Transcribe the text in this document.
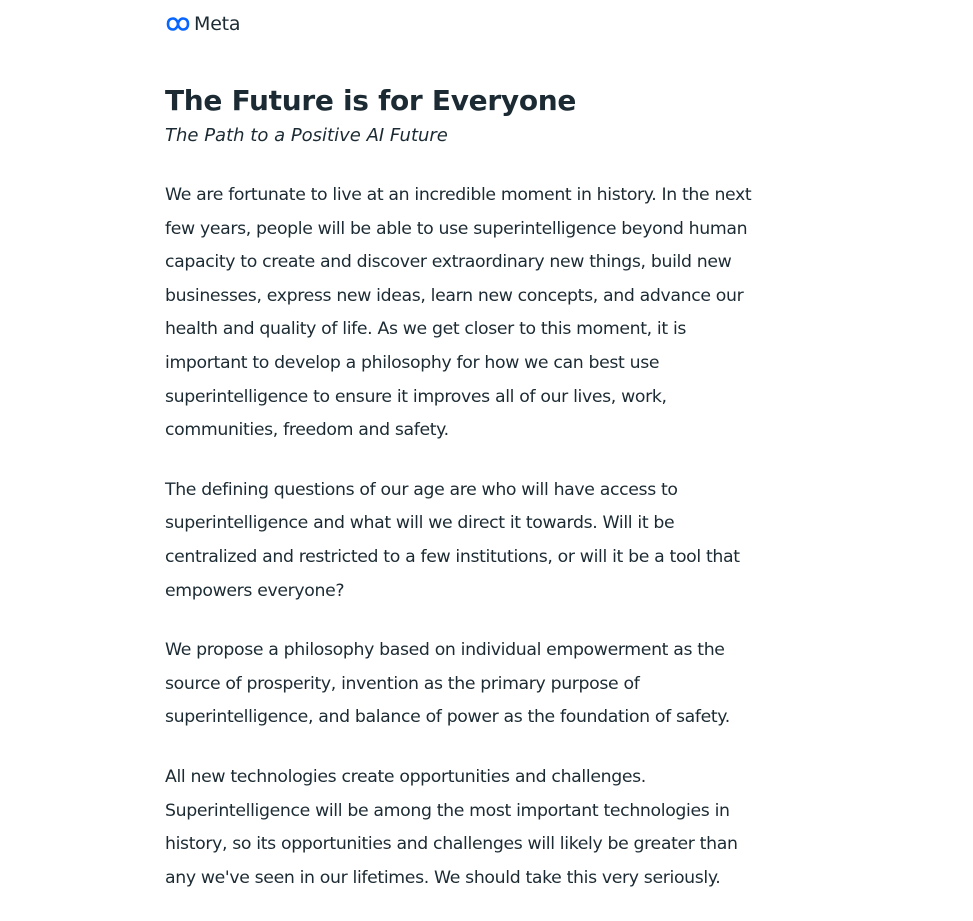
Meta
The Future is for Everyone

The Path to a Positive AI Future

We are fortunate to live at an incredible moment in history. In the next
few years, people will be able to use superintelligence beyond human
capacity to create and discover extraordinary new things, build new
businesses, express new ideas, learn new concepts, and advance our
health and quality of life. As we get closer to this moment, it is
important to develop a philosophy for how we can best use
superintelligence to ensure it improves all of our lives, work,
communities, freedom and safety.

The defining questions of our age are who will have access to
superintelligence and what will we direct it towards. Will it be
centralized and restricted to a few institutions, or will it be a tool that
empowers everyone?

We propose a philosophy based on individual empowerment as the
source of prosperity, invention as the primary purpose of
superintelligence, and balance of power as the foundation of safety.

All new technologies create opportunities and challenges.
Superintelligence will be among the most important technologies in
history, so its opportunities and challenges will likely be greater than
any we've seen in our lifetimes. We should take this very seriously.
